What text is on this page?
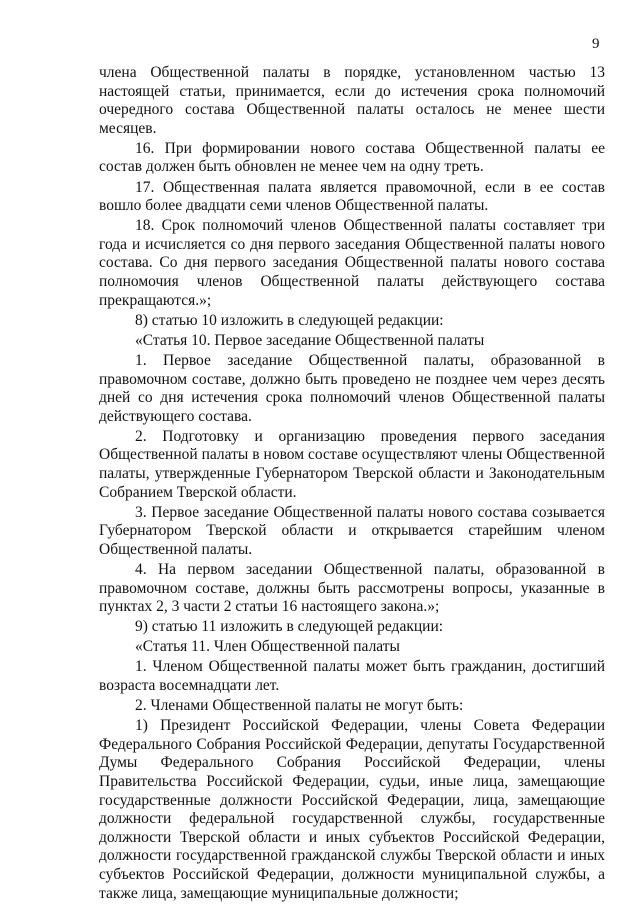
9

члена Общественной палаты в порядке, установленном частью 13 настоящей статьи, принимается, если до истечения срока полномочий очередного состава Общественной палаты осталось не менее шести месяцев.

16. При формировании нового состава Общественной палаты ее состав должен быть обновлен не менее чем на одну треть.

17. Общественная палата является правомочной, если в ее состав вошло более двадцати семи членов Общественной палаты.

18. Срок полномочий членов Общественной палаты составляет три года и исчисляется со дня первого заседания Общественной палаты нового состава. Со дня первого заседания Общественной палаты нового состава полномочия членов Общественной палаты действующего состава прекращаются.»;

8) статью 10 изложить в следующей редакции:

«Статья 10. Первое заседание Общественной палаты

1. Первое заседание Общественной палаты, образованной в правомочном составе, должно быть проведено не позднее чем через десять дней со дня истечения срока полномочий членов Общественной палаты действующего состава.

2. Подготовку и организацию проведения первого заседания Общественной палаты в новом составе осуществляют члены Общественной палаты, утвержденные Губернатором Тверской области и Законодательным Собранием Тверской области.

3. Первое заседание Общественной палаты нового состава созывается Губернатором Тверской области и открывается старейшим членом Общественной палаты.

4. На первом заседании Общественной палаты, образованной в правомочном составе, должны быть рассмотрены вопросы, указанные в пунктах 2, 3 части 2 статьи 16 настоящего закона.»;

9) статью 11 изложить в следующей редакции:

«Статья 11. Член Общественной палаты

1. Членом Общественной палаты может быть гражданин, достигший возраста восемнадцати лет.

2. Членами Общественной палаты не могут быть:

1) Президент Российской Федерации, члены Совета Федерации Федерального Собрания Российской Федерации, депутаты Государственной Думы Федерального Собрания Российской Федерации, члены Правительства Российской Федерации, судьи, иные лица, замещающие государственные должности Российской Федерации, лица, замещающие должности федеральной государственной службы, государственные должности Тверской области и иных субъектов Российской Федерации, должности государственной гражданской службы Тверской области и иных субъектов Российской Федерации, должности муниципальной службы, а также лица, замещающие муниципальные должности;
